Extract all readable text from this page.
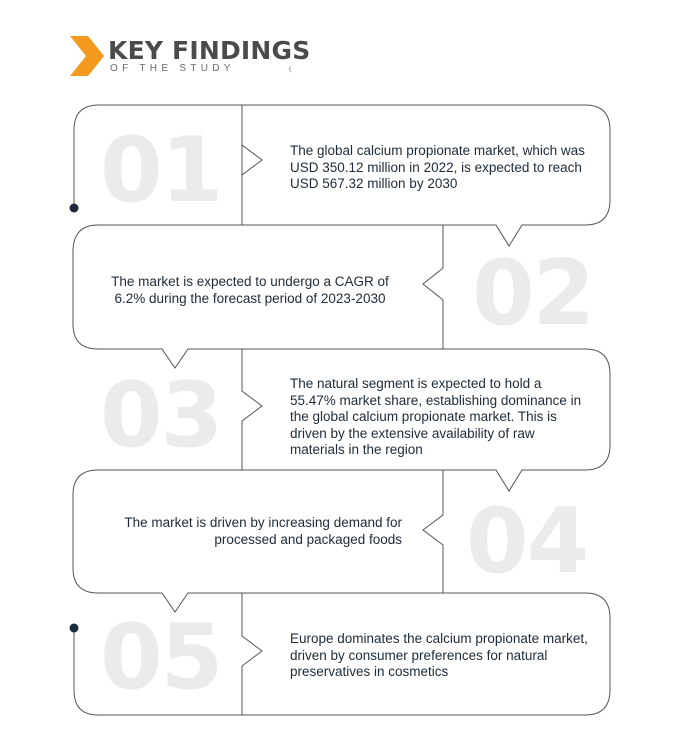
KEY FINDINGS
OF THE STUDY
01	The global calcium propionate market, which was USD 350.12 million in 2022, is expected to reach USD 567.32 million by 2030
02
The market is expected to undergo a CAGR of 6.2% during the forecast period of 2023-2030
03	The natural segment is expected to hold a 55.47% market share, establishing dominance in the global calcium propionate market. This is driven by the extensive availability of raw materials in the region
04
The market is driven by increasing demand for processed and packaged foods
05	Europe dominates the calcium propionate market, driven by consumer preferences for natural preservatives in cosmetics
